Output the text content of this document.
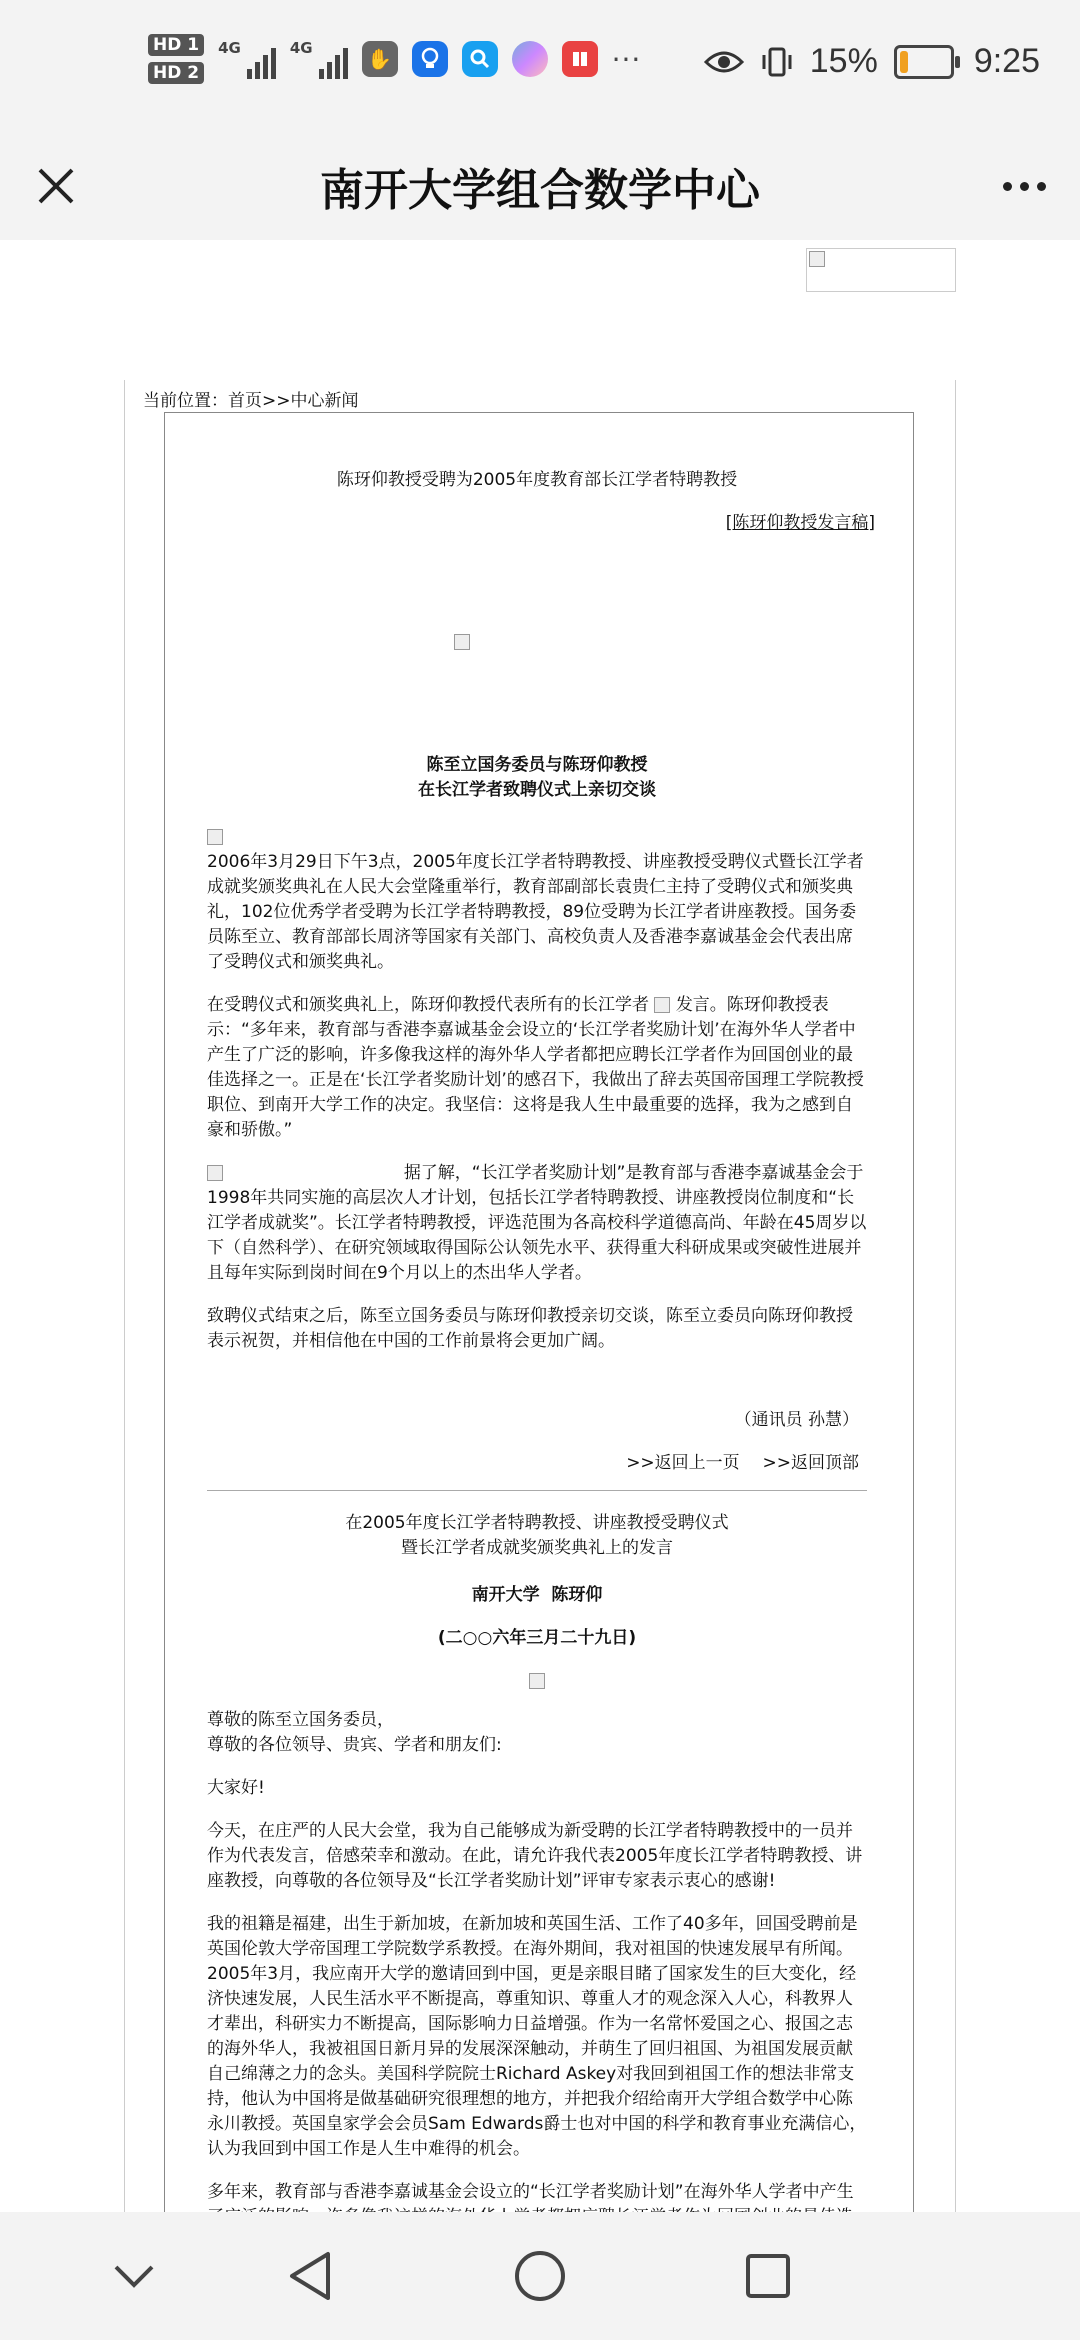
HD 1
HD 2
4G	4G	✋	···	15%	9:25
南开大学组合数学中心
当前位置：首页>>中心新闻

陈玡仰教授受聘为2005年度教育部长江学者特聘教授

[陈玡仰教授发言稿]

陈至立国务委员与陈玡仰教授

在长江学者致聘仪式上亲切交谈

2006年3月29日下午3点，2005年度长江学者特聘教授、讲座教授受聘仪式暨长江学者成就奖颁奖典礼在人民大会堂隆重举行，教育部副部长袁贵仁主持了受聘仪式和颁奖典礼，102位优秀学者受聘为长江学者特聘教授，89位受聘为长江学者讲座教授。国务委员陈至立、教育部部长周济等国家有关部门、高校负责人及香港李嘉诚基金会代表出席了受聘仪式和颁奖典礼。

在受聘仪式和颁奖典礼上，陈玡仰教授代表所有的长江学者 发言。陈玡仰教授表示：“多年来，教育部与香港李嘉诚基金会设立的‘长江学者奖励计划’在海外华人学者中产生了广泛的影响，许多像我这样的海外华人学者都把应聘长江学者作为回国创业的最佳选择之一。正是在‘长江学者奖励计划’的感召下，我做出了辞去英国帝国理工学院教授职位、到南开大学工作的决定。我坚信：这将是我人生中最重要的选择，我为之感到自豪和骄傲。”

据了解，“长江学者奖励计划”是教育部与香港李嘉诚基金会于1998年共同实施的高层次人才计划，包括长江学者特聘教授、讲座教授岗位制度和“长江学者成就奖”。长江学者特聘教授，评选范围为各高校科学道德高尚、年龄在45周岁以下（自然科学）、在研究领域取得国际公认领先水平、获得重大科研成果或突破性进展并且每年实际到岗时间在9个月以上的杰出华人学者。

致聘仪式结束之后，陈至立国务委员与陈玡仰教授亲切交谈，陈至立委员向陈玡仰教授表示祝贺，并相信他在中国的工作前景将会更加广阔。

（通讯员 孙慧）

>>返回上一页 >>返回顶部

在2005年度长江学者特聘教授、讲座教授受聘仪式

暨长江学者成就奖颁奖典礼上的发言

南开大学  陈玡仰

(二○○六年三月二十九日)

尊敬的陈至立国务委员，

尊敬的各位领导、贵宾、学者和朋友们:

大家好!

今天，在庄严的人民大会堂，我为自己能够成为新受聘的长江学者特聘教授中的一员并作为代表发言，倍感荣幸和激动。在此，请允许我代表2005年度长江学者特聘教授、讲座教授，向尊敬的各位领导及“长江学者奖励计划”评审专家表示衷心的感谢!

我的祖籍是福建，出生于新加坡，在新加坡和英国生活、工作了40多年，回国受聘前是英国伦敦大学帝国理工学院数学系教授。在海外期间，我对祖国的快速发展早有所闻。2005年3月，我应南开大学的邀请回到中国，更是亲眼目睹了国家发生的巨大变化，经济快速发展，人民生活水平不断提高，尊重知识、尊重人才的观念深入人心，科教界人才辈出，科研实力不断提高，国际影响力日益增强。作为一名常怀爱国之心、报国之志的海外华人，我被祖国日新月异的发展深深触动，并萌生了回归祖国、为祖国发展贡献自己绵薄之力的念头。美国科学院院士Richard Askey对我回到祖国工作的想法非常支持，他认为中国将是做基础研究很理想的地方，并把我介绍给南开大学组合数学中心陈永川教授。英国皇家学会会员Sam Edwards爵士也对中国的科学和教育事业充满信心，认为我回到中国工作是人生中难得的机会。

多年来，教育部与香港李嘉诚基金会设立的“长江学者奖励计划”在海外华人学者中产生
